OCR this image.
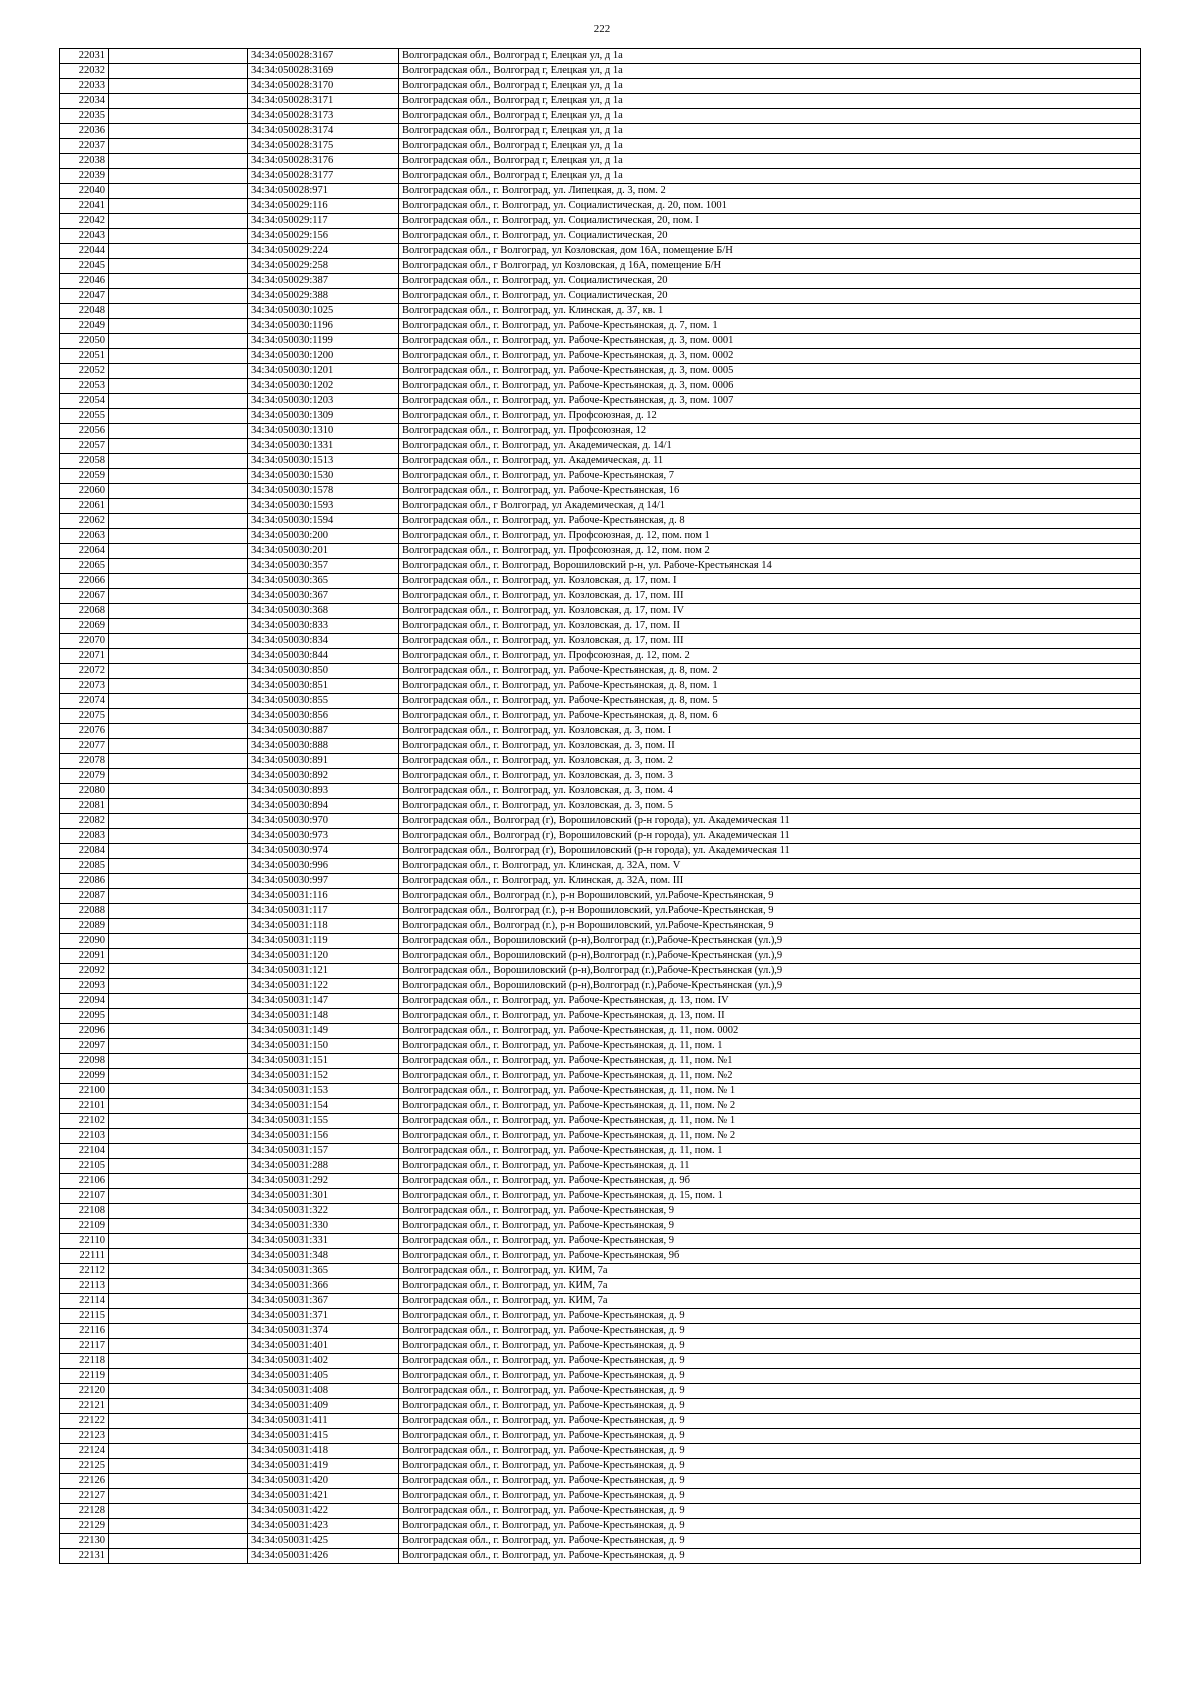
222
22031		34:34:050028:3167	Волгоградская обл., Волгоград г, Елецкая ул, д 1а
22032		34:34:050028:3169	Волгоградская обл., Волгоград г, Елецкая ул, д 1а
22033		34:34:050028:3170	Волгоградская обл., Волгоград г, Елецкая ул, д 1а
22034		34:34:050028:3171	Волгоградская обл., Волгоград г, Елецкая ул, д 1а
22035		34:34:050028:3173	Волгоградская обл., Волгоград г, Елецкая ул, д 1а
22036		34:34:050028:3174	Волгоградская обл., Волгоград г, Елецкая ул, д 1а
22037		34:34:050028:3175	Волгоградская обл., Волгоград г, Елецкая ул, д 1а
22038		34:34:050028:3176	Волгоградская обл., Волгоград г, Елецкая ул, д 1а
22039		34:34:050028:3177	Волгоградская обл., Волгоград г, Елецкая ул, д 1а
22040		34:34:050028:971	Волгоградская обл., г. Волгоград, ул. Липецкая, д. 3, пом. 2
22041		34:34:050029:116	Волгоградская обл., г. Волгоград, ул. Социалистическая, д. 20, пом. 1001
22042		34:34:050029:117	Волгоградская обл., г. Волгоград, ул. Социалистическая, 20, пом. I
22043		34:34:050029:156	Волгоградская обл., г. Волгоград, ул. Социалистическая, 20
22044		34:34:050029:224	Волгоградская обл., г Волгоград, ул Козловская, дом 16А, помещение Б/Н
22045		34:34:050029:258	Волгоградская обл., г Волгоград, ул Козловская, д 16А, помещение Б/Н
22046		34:34:050029:387	Волгоградская обл., г. Волгоград, ул. Социалистическая, 20
22047		34:34:050029:388	Волгоградская обл., г. Волгоград, ул. Социалистическая, 20
22048		34:34:050030:1025	Волгоградская обл., г. Волгоград, ул. Клинская, д. 37, кв. 1
22049		34:34:050030:1196	Волгоградская обл., г. Волгоград, ул. Рабоче-Крестьянская, д. 7, пом. 1
22050		34:34:050030:1199	Волгоградская обл., г. Волгоград, ул. Рабоче-Крестьянская, д. 3, пом. 0001
22051		34:34:050030:1200	Волгоградская обл., г. Волгоград, ул. Рабоче-Крестьянская, д. 3, пом. 0002
22052		34:34:050030:1201	Волгоградская обл., г. Волгоград, ул. Рабоче-Крестьянская, д. 3, пом. 0005
22053		34:34:050030:1202	Волгоградская обл., г. Волгоград, ул. Рабоче-Крестьянская, д. 3, пом. 0006
22054		34:34:050030:1203	Волгоградская обл., г. Волгоград, ул. Рабоче-Крестьянская, д. 3, пом. 1007
22055		34:34:050030:1309	Волгоградская обл., г. Волгоград, ул. Профсоюзная, д. 12
22056		34:34:050030:1310	Волгоградская обл., г. Волгоград, ул. Профсоюзная, 12
22057		34:34:050030:1331	Волгоградская обл., г. Волгоград, ул. Академическая, д. 14/1
22058		34:34:050030:1513	Волгоградская обл., г. Волгоград, ул. Академическая, д. 11
22059		34:34:050030:1530	Волгоградская обл., г. Волгоград, ул. Рабоче-Крестьянская, 7
22060		34:34:050030:1578	Волгоградская обл., г. Волгоград, ул. Рабоче-Крестьянская, 16
22061		34:34:050030:1593	Волгоградская обл., г Волгоград, ул Академическая, д 14/1
22062		34:34:050030:1594	Волгоградская обл., г. Волгоград, ул. Рабоче-Крестьянская, д. 8
22063		34:34:050030:200	Волгоградская обл., г. Волгоград, ул. Профсоюзная, д. 12, пом. пом 1
22064		34:34:050030:201	Волгоградская обл., г. Волгоград, ул. Профсоюзная, д. 12, пом. пом 2
22065		34:34:050030:357	Волгоградская обл., г. Волгоград, Ворошиловский р-н, ул. Рабоче-Крестьянская 14
22066		34:34:050030:365	Волгоградская обл., г. Волгоград, ул. Козловская, д. 17, пом. I
22067		34:34:050030:367	Волгоградская обл., г. Волгоград, ул. Козловская, д. 17, пом. III
22068		34:34:050030:368	Волгоградская обл., г. Волгоград, ул. Козловская, д. 17, пом. IV
22069		34:34:050030:833	Волгоградская обл., г. Волгоград, ул. Козловская, д. 17, пом. II
22070		34:34:050030:834	Волгоградская обл., г. Волгоград, ул. Козловская, д. 17, пом. III
22071		34:34:050030:844	Волгоградская обл., г. Волгоград, ул. Профсоюзная, д. 12, пом. 2
22072		34:34:050030:850	Волгоградская обл., г. Волгоград, ул. Рабоче-Крестьянская, д. 8, пом. 2
22073		34:34:050030:851	Волгоградская обл., г. Волгоград, ул. Рабоче-Крестьянская, д. 8, пом. 1
22074		34:34:050030:855	Волгоградская обл., г. Волгоград, ул. Рабоче-Крестьянская, д. 8, пом. 5
22075		34:34:050030:856	Волгоградская обл., г. Волгоград, ул. Рабоче-Крестьянская, д. 8, пом. 6
22076		34:34:050030:887	Волгоградская обл., г. Волгоград, ул. Козловская, д. 3, пом. I
22077		34:34:050030:888	Волгоградская обл., г. Волгоград, ул. Козловская, д. 3, пом. II
22078		34:34:050030:891	Волгоградская обл., г. Волгоград, ул. Козловская, д. 3, пом. 2
22079		34:34:050030:892	Волгоградская обл., г. Волгоград, ул. Козловская, д. 3, пом. 3
22080		34:34:050030:893	Волгоградская обл., г. Волгоград, ул. Козловская, д. 3, пом. 4
22081		34:34:050030:894	Волгоградская обл., г. Волгоград, ул. Козловская, д. 3, пом. 5
22082		34:34:050030:970	Волгоградская обл., Волгоград (г), Ворошиловский (р-н города), ул. Академическая 11
22083		34:34:050030:973	Волгоградская обл., Волгоград (г), Ворошиловский (р-н города), ул. Академическая 11
22084		34:34:050030:974	Волгоградская обл., Волгоград (г), Ворошиловский (р-н города), ул. Академическая 11
22085		34:34:050030:996	Волгоградская обл., г. Волгоград, ул. Клинская, д. 32А, пом. V
22086		34:34:050030:997	Волгоградская обл., г. Волгоград, ул. Клинская, д. 32А, пом. III
22087		34:34:050031:116	Волгоградская обл., Волгоград (г.), р-н Ворошиловский, ул.Рабоче-Крестьянская, 9
22088		34:34:050031:117	Волгоградская обл., Волгоград (г.), р-н Ворошиловский, ул.Рабоче-Крестьянская, 9
22089		34:34:050031:118	Волгоградская обл., Волгоград (г.), р-н Ворошиловский, ул.Рабоче-Крестьянская, 9
22090		34:34:050031:119	Волгоградская обл., Ворошиловский (р-н),Волгоград (г.),Рабоче-Крестьянская (ул.),9
22091		34:34:050031:120	Волгоградская обл., Ворошиловский (р-н),Волгоград (г.),Рабоче-Крестьянская (ул.),9
22092		34:34:050031:121	Волгоградская обл., Ворошиловский (р-н),Волгоград (г.),Рабоче-Крестьянская (ул.),9
22093		34:34:050031:122	Волгоградская обл., Ворошиловский (р-н),Волгоград (г.),Рабоче-Крестьянская (ул.),9
22094		34:34:050031:147	Волгоградская обл., г. Волгоград, ул. Рабоче-Крестьянская, д. 13, пом. IV
22095		34:34:050031:148	Волгоградская обл., г. Волгоград, ул. Рабоче-Крестьянская, д. 13, пом. II
22096		34:34:050031:149	Волгоградская обл., г. Волгоград, ул. Рабоче-Крестьянская, д. 11, пом. 0002
22097		34:34:050031:150	Волгоградская обл., г. Волгоград, ул. Рабоче-Крестьянская, д. 11, пом. 1
22098		34:34:050031:151	Волгоградская обл., г. Волгоград, ул. Рабоче-Крестьянская, д. 11, пом. №1
22099		34:34:050031:152	Волгоградская обл., г. Волгоград, ул. Рабоче-Крестьянская, д. 11, пом. №2
22100		34:34:050031:153	Волгоградская обл., г. Волгоград, ул. Рабоче-Крестьянская, д. 11, пом. № 1
22101		34:34:050031:154	Волгоградская обл., г. Волгоград, ул. Рабоче-Крестьянская, д. 11, пом. № 2
22102		34:34:050031:155	Волгоградская обл., г. Волгоград, ул. Рабоче-Крестьянская, д. 11, пом. № 1
22103		34:34:050031:156	Волгоградская обл., г. Волгоград, ул. Рабоче-Крестьянская, д. 11, пом. № 2
22104		34:34:050031:157	Волгоградская обл., г. Волгоград, ул. Рабоче-Крестьянская, д. 11, пом. 1
22105		34:34:050031:288	Волгоградская обл., г. Волгоград, ул. Рабоче-Крестьянская, д. 11
22106		34:34:050031:292	Волгоградская обл., г. Волгоград, ул. Рабоче-Крестьянская, д. 9б
22107		34:34:050031:301	Волгоградская обл., г. Волгоград, ул. Рабоче-Крестьянская, д. 15, пом. 1
22108		34:34:050031:322	Волгоградская обл., г. Волгоград, ул. Рабоче-Крестьянская, 9
22109		34:34:050031:330	Волгоградская обл., г. Волгоград, ул. Рабоче-Крестьянская, 9
22110		34:34:050031:331	Волгоградская обл., г. Волгоград, ул. Рабоче-Крестьянская, 9
22111		34:34:050031:348	Волгоградская обл., г. Волгоград, ул. Рабоче-Крестьянская, 9б
22112		34:34:050031:365	Волгоградская обл., г. Волгоград, ул. КИМ, 7а
22113		34:34:050031:366	Волгоградская обл., г. Волгоград, ул. КИМ, 7а
22114		34:34:050031:367	Волгоградская обл., г. Волгоград, ул. КИМ, 7а
22115		34:34:050031:371	Волгоградская обл., г. Волгоград, ул. Рабоче-Крестьянская, д. 9
22116		34:34:050031:374	Волгоградская обл., г. Волгоград, ул. Рабоче-Крестьянская, д. 9
22117		34:34:050031:401	Волгоградская обл., г. Волгоград, ул. Рабоче-Крестьянская, д. 9
22118		34:34:050031:402	Волгоградская обл., г. Волгоград, ул. Рабоче-Крестьянская, д. 9
22119		34:34:050031:405	Волгоградская обл., г. Волгоград, ул. Рабоче-Крестьянская, д. 9
22120		34:34:050031:408	Волгоградская обл., г. Волгоград, ул. Рабоче-Крестьянская, д. 9
22121		34:34:050031:409	Волгоградская обл., г. Волгоград, ул. Рабоче-Крестьянская, д. 9
22122		34:34:050031:411	Волгоградская обл., г. Волгоград, ул. Рабоче-Крестьянская, д. 9
22123		34:34:050031:415	Волгоградская обл., г. Волгоград, ул. Рабоче-Крестьянская, д. 9
22124		34:34:050031:418	Волгоградская обл., г. Волгоград, ул. Рабоче-Крестьянская, д. 9
22125		34:34:050031:419	Волгоградская обл., г. Волгоград, ул. Рабоче-Крестьянская, д. 9
22126		34:34:050031:420	Волгоградская обл., г. Волгоград, ул. Рабоче-Крестьянская, д. 9
22127		34:34:050031:421	Волгоградская обл., г. Волгоград, ул. Рабоче-Крестьянская, д. 9
22128		34:34:050031:422	Волгоградская обл., г. Волгоград, ул. Рабоче-Крестьянская, д. 9
22129		34:34:050031:423	Волгоградская обл., г. Волгоград, ул. Рабоче-Крестьянская, д. 9
22130		34:34:050031:425	Волгоградская обл., г. Волгоград, ул. Рабоче-Крестьянская, д. 9
22131		34:34:050031:426	Волгоградская обл., г. Волгоград, ул. Рабоче-Крестьянская, д. 9
